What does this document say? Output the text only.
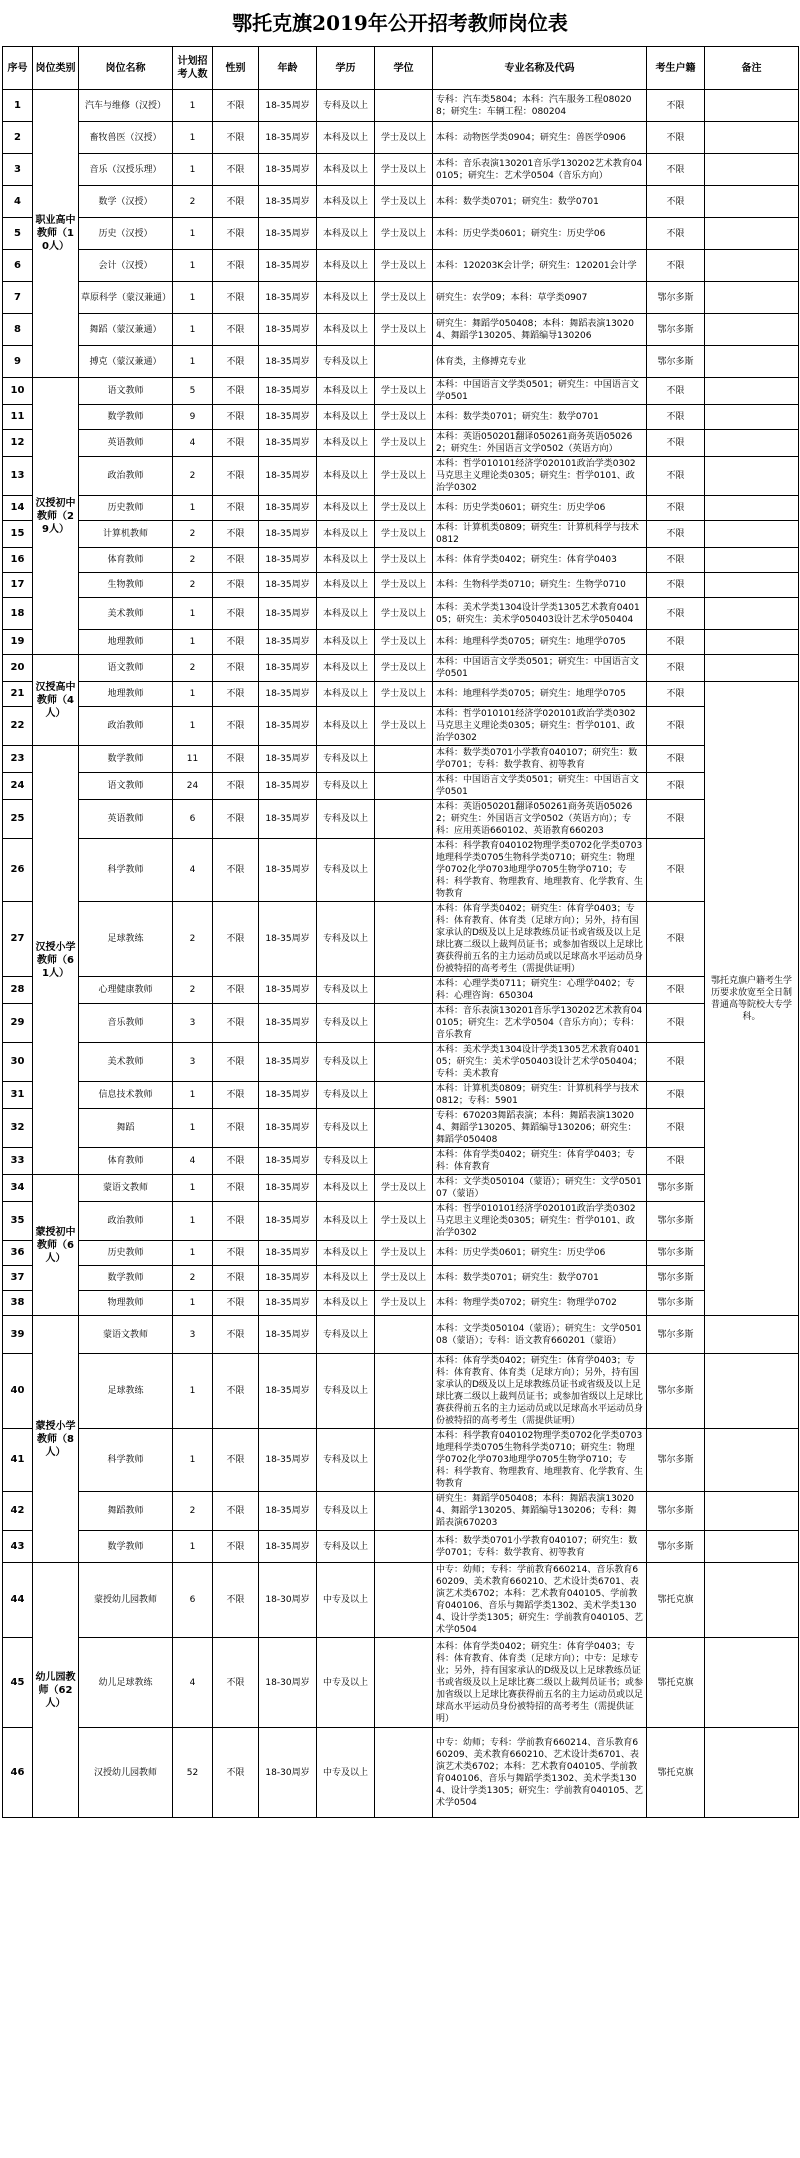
鄂托克旗2019年公开招考教师岗位表
序号	岗位类别	岗位名称	计划招考人数	性别	年龄	学历	学位	专业名称及代码	考生户籍	备注
1	职业高中教师（10人）	汽车与维修（汉授）	1	不限	18-35周岁	专科及以上		专科：汽车类5804；本科：汽车服务工程080208；研究生：车辆工程：080204	不限	
2		畜牧兽医（汉授）	1	不限	18-35周岁	本科及以上	学士及以上	本科：动物医学类0904；研究生：兽医学0906	不限	
3		音乐（汉授乐理）	1	不限	18-35周岁	本科及以上	学士及以上	本科：音乐表演130201音乐学130202艺术教育040105；研究生：艺术学0504（音乐方向）	不限	
4		数学（汉授）	2	不限	18-35周岁	本科及以上	学士及以上	本科：数学类0701；研究生：数学0701	不限	
5		历史（汉授）	1	不限	18-35周岁	本科及以上	学士及以上	本科：历史学类0601；研究生：历史学06	不限	
6		会计（汉授）	1	不限	18-35周岁	本科及以上	学士及以上	本科：120203K会计学；研究生：120201会计学	不限	
7		草原科学（蒙汉兼通）	1	不限	18-35周岁	本科及以上	学士及以上	研究生：农学09；本科：草学类0907	鄂尔多斯	
8		舞蹈（蒙汉兼通）	1	不限	18-35周岁	本科及以上	学士及以上	研究生：舞蹈学050408；本科：舞蹈表演130204、舞蹈学130205、舞蹈编导130206	鄂尔多斯	
9		搏克（蒙汉兼通）	1	不限	18-35周岁	专科及以上		体育类，主修搏克专业	鄂尔多斯	
10	汉授初中教师（29人）	语文教师	5	不限	18-35周岁	本科及以上	学士及以上	本科：中国语言文学类0501；研究生：中国语言文学0501	不限	
11		数学教师	9	不限	18-35周岁	本科及以上	学士及以上	本科：数学类0701；研究生：数学0701	不限	
12		英语教师	4	不限	18-35周岁	本科及以上	学士及以上	本科：英语050201翻译050261商务英语050262；研究生：外国语言文学0502（英语方向）	不限	
13		政治教师	2	不限	18-35周岁	本科及以上	学士及以上	本科：哲学010101经济学020101政治学类0302马克思主义理论类0305；研究生：哲学0101、政治学0302	不限	
14		历史教师	1	不限	18-35周岁	本科及以上	学士及以上	本科：历史学类0601；研究生：历史学06	不限	
15		计算机教师	2	不限	18-35周岁	本科及以上	学士及以上	本科：计算机类0809；研究生：计算机科学与技术0812	不限	
16		体育教师	2	不限	18-35周岁	本科及以上	学士及以上	本科：体育学类0402；研究生：体育学0403	不限	
17		生物教师	2	不限	18-35周岁	本科及以上	学士及以上	本科：生物科学类0710；研究生：生物学0710	不限	
18		美术教师	1	不限	18-35周岁	本科及以上	学士及以上	本科：美术学类1304设计学类1305艺术教育040105；研究生：美术学050403设计艺术学050404	不限	
19		地理教师	1	不限	18-35周岁	本科及以上	学士及以上	本科：地理科学类0705；研究生：地理学0705	不限	
20	汉授高中教师（4人）	语文教师	2	不限	18-35周岁	本科及以上	学士及以上	本科：中国语言文学类0501；研究生：中国语言文学0501	不限	
21		地理教师	1	不限	18-35周岁	本科及以上	学士及以上	本科：地理科学类0705；研究生：地理学0705	不限	鄂托克旗户籍考生学历要求放宽至全日制普通高等院校大专学科。
22		政治教师	1	不限	18-35周岁	本科及以上	学士及以上	本科：哲学010101经济学020101政治学类0302马克思主义理论类0305；研究生：哲学0101、政治学0302	不限	
23	汉授小学教师（61人）	数学教师	11	不限	18-35周岁	专科及以上		本科：数学类0701小学教育040107；研究生：数学0701；专科：数学教育、初等教育	不限	
24		语文教师	24	不限	18-35周岁	专科及以上		本科：中国语言文学类0501；研究生：中国语言文学0501	不限	
25		英语教师	6	不限	18-35周岁	专科及以上		本科：英语050201翻译050261商务英语050262；研究生：外国语言文学0502（英语方向）；专科：应用英语660102、英语教育660203	不限	
26		科学教师	4	不限	18-35周岁	专科及以上		本科：科学教育040102物理学类0702化学类0703地理科学类0705生物科学类0710；研究生：物理学0702化学0703地理学0705生物学0710；专科：科学教育、物理教育、地理教育、化学教育、生物教育	不限	
27		足球教练	2	不限	18-35周岁	专科及以上		本科：体育学类0402；研究生：体育学0403；专科：体育教育、体育类（足球方向）；另外，持有国家承认的D级及以上足球教练员证书或省级及以上足球比赛二级以上裁判员证书；或参加省级以上足球比赛获得前五名的主力运动员或以足球高水平运动员身份被特招的高考考生（需提供证明）	不限	
28		心理健康教师	2	不限	18-35周岁	专科及以上		本科：心理学类0711；研究生：心理学0402；专科：心理咨询：650304	不限	
29		音乐教师	3	不限	18-35周岁	专科及以上		本科：音乐表演130201音乐学130202艺术教育040105；研究生：艺术学0504（音乐方向）；专科：音乐教育	不限	
30		美术教师	3	不限	18-35周岁	专科及以上		本科：美术学类1304设计学类1305艺术教育040105；研究生：美术学050403设计艺术学050404；专科：美术教育	不限	
31		信息技术教师	1	不限	18-35周岁	专科及以上		本科：计算机类0809；研究生：计算机科学与技术0812；专科：5901	不限	
32		舞蹈	1	不限	18-35周岁	专科及以上		专科：670203舞蹈表演；本科：舞蹈表演130204、舞蹈学130205、舞蹈编导130206；研究生：舞蹈学050408	不限	
33		体育教师	4	不限	18-35周岁	专科及以上		本科：体育学类0402；研究生：体育学0403；专科：体育教育	不限	
34	蒙授初中教师（6人）	蒙语文教师	1	不限	18-35周岁	本科及以上	学士及以上	本科：文学类050104（蒙语）；研究生：文学050107（蒙语）	鄂尔多斯	
35		政治教师	1	不限	18-35周岁	本科及以上	学士及以上	本科：哲学010101经济学020101政治学类0302马克思主义理论类0305；研究生：哲学0101、政治学0302	鄂尔多斯	
36		历史教师	1	不限	18-35周岁	本科及以上	学士及以上	本科：历史学类0601；研究生：历史学06	鄂尔多斯	
37		数学教师	2	不限	18-35周岁	本科及以上	学士及以上	本科：数学类0701；研究生：数学0701	鄂尔多斯	
38		物理教师	1	不限	18-35周岁	本科及以上	学士及以上	本科：物理学类0702；研究生：物理学0702	鄂尔多斯	
39	蒙授小学教师（8人）	蒙语文教师	3	不限	18-35周岁	专科及以上		本科：文学类050104（蒙语）；研究生：文学050108（蒙语）；专科：语文教育660201（蒙语）	鄂尔多斯	
40		足球教练	1	不限	18-35周岁	专科及以上		本科：体育学类0402；研究生：体育学0403；专科：体育教育、体育类（足球方向）；另外，持有国家承认的D级及以上足球教练员证书或省级及以上足球比赛二级以上裁判员证书；或参加省级以上足球比赛获得前五名的主力运动员或以足球高水平运动员身份被特招的高考考生（需提供证明）	鄂尔多斯	
41		科学教师	1	不限	18-35周岁	专科及以上		本科：科学教育040102物理学类0702化学类0703地理科学类0705生物科学类0710；研究生：物理学0702化学0703地理学0705生物学0710；专科：科学教育、物理教育、地理教育、化学教育、生物教育	鄂尔多斯	
42		舞蹈教师	2	不限	18-35周岁	专科及以上		研究生：舞蹈学050408；本科：舞蹈表演130204、舞蹈学130205、舞蹈编导130206；专科：舞蹈表演670203	鄂尔多斯	
43		数学教师	1	不限	18-35周岁	专科及以上		本科：数学类0701小学教育040107；研究生：数学0701；专科：数学教育、初等教育	鄂尔多斯	
44	幼儿园教师（62人）	蒙授幼儿园教师	6	不限	18-30周岁	中专及以上		中专：幼师；专科：学前教育660214、音乐教育660209、美术教育660210、艺术设计类6701、表演艺术类6702；本科：艺术教育040105、学前教育040106、音乐与舞蹈学类1302、美术学类1304、设计学类1305；研究生：学前教育040105、艺术学0504	鄂托克旗	
45		幼儿足球教练	4	不限	18-30周岁	中专及以上		本科：体育学类0402；研究生：体育学0403；专科：体育教育、体育类（足球方向）；中专：足球专业；另外，持有国家承认的D级及以上足球教练员证书或省级及以上足球比赛二级以上裁判员证书；或参加省级以上足球比赛获得前五名的主力运动员或以足球高水平运动员身份被特招的高考考生（需提供证明）	鄂托克旗	
46		汉授幼儿园教师	52	不限	18-30周岁	中专及以上		中专：幼师；专科：学前教育660214、音乐教育660209、美术教育660210、艺术设计类6701、表演艺术类6702；本科：艺术教育040105、学前教育040106、音乐与舞蹈学类1302、美术学类1304、设计学类1305；研究生：学前教育040105、艺术学0504	鄂托克旗	
